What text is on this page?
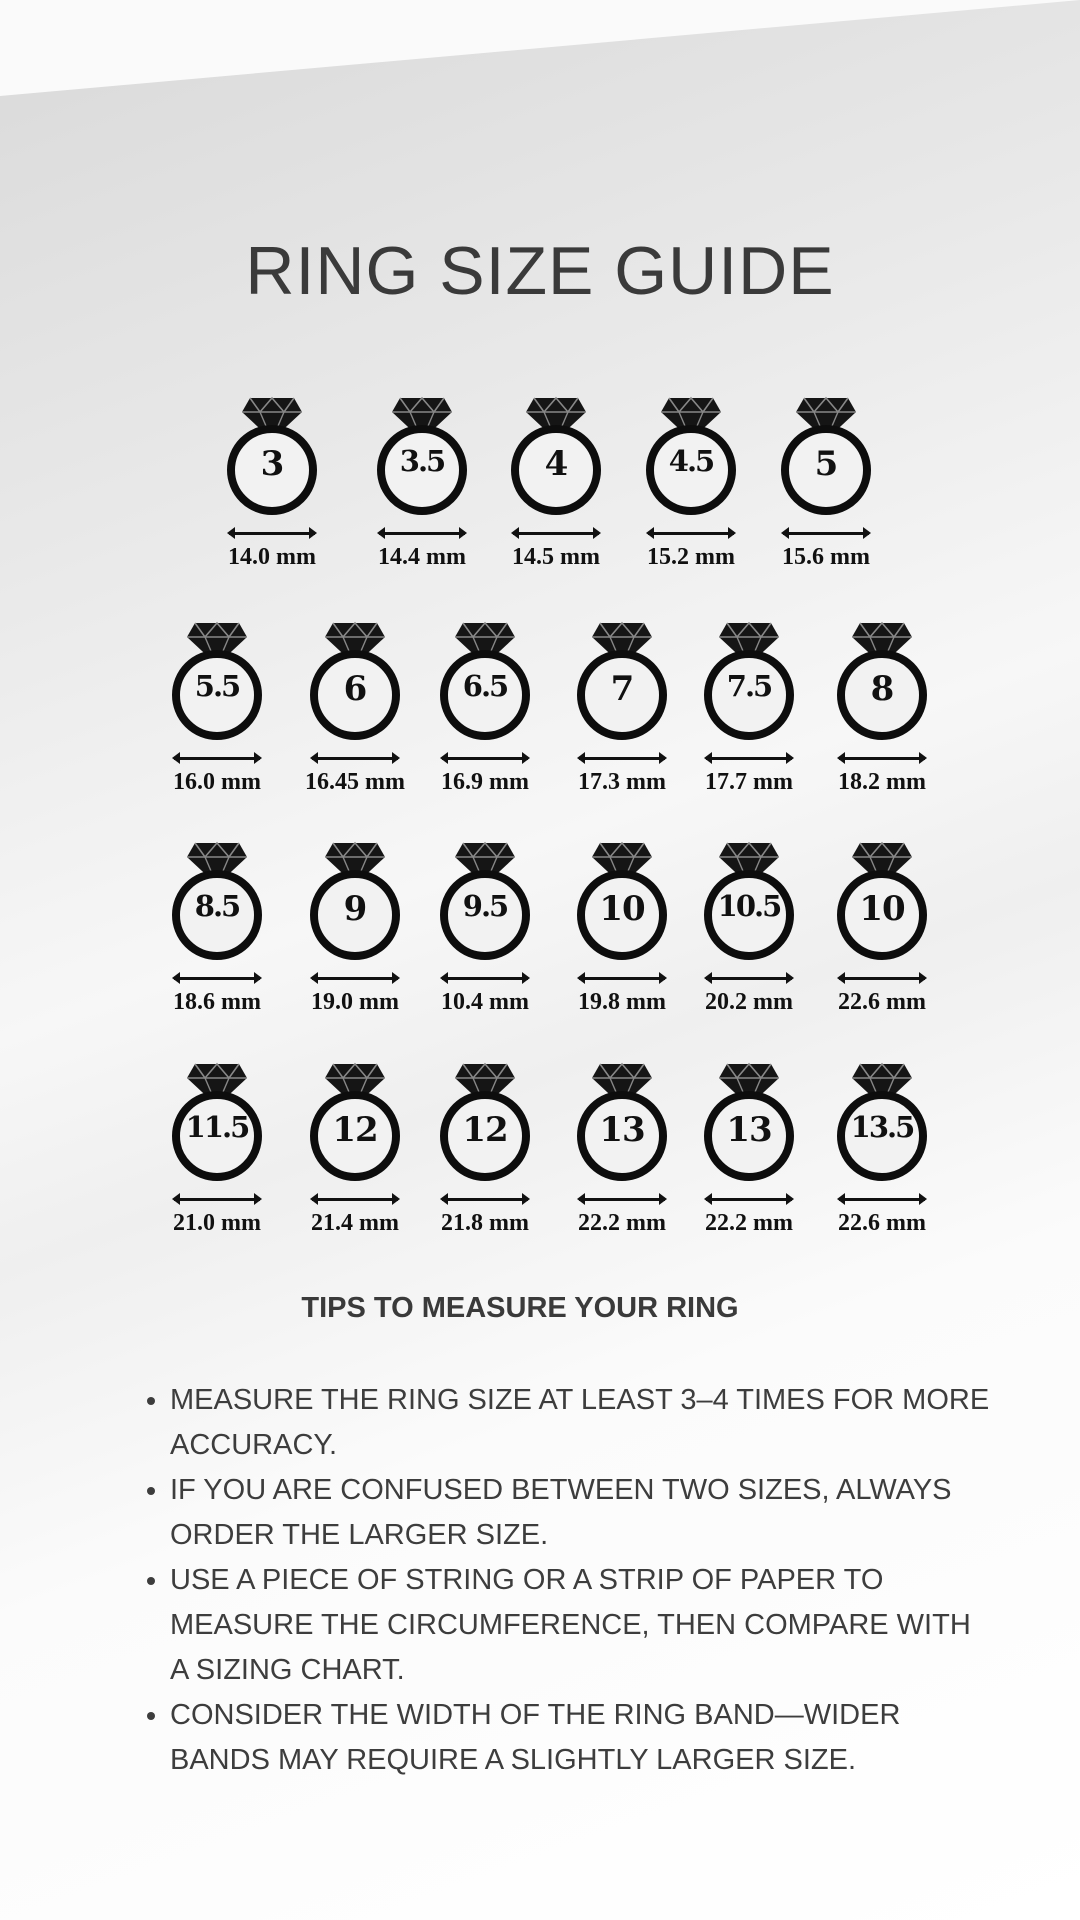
RING SIZE GUIDE
3
14.0 mm
3.5
14.4 mm
4
14.5 mm
4.5
15.2 mm
5
15.6 mm
5.5
16.0 mm
6
16.45 mm
6.5
16.9 mm
7
17.3 mm
7.5
17.7 mm
8
18.2 mm
8.5
18.6 mm
9
19.0 mm
9.5
10.4 mm
10
19.8 mm
10.5
20.2 mm
10
22.6 mm
11.5
21.0 mm
12
21.4 mm
12
21.8 mm
13
22.2 mm
13
22.2 mm
13.5
22.6 mm
TIPS TO MEASURE YOUR RING
• MEASURE THE RING SIZE AT LEAST 3–4 TIMES FOR MORE ACCURACY.
• IF YOU ARE CONFUSED BETWEEN TWO SIZES, ALWAYS ORDER THE LARGER SIZE.
• USE A PIECE OF STRING OR A STRIP OF PAPER TO MEASURE THE CIRCUMFERENCE, THEN COMPARE WITH A SIZING CHART.
• CONSIDER THE WIDTH OF THE RING BAND—WIDER BANDS MAY REQUIRE A SLIGHTLY LARGER SIZE.
